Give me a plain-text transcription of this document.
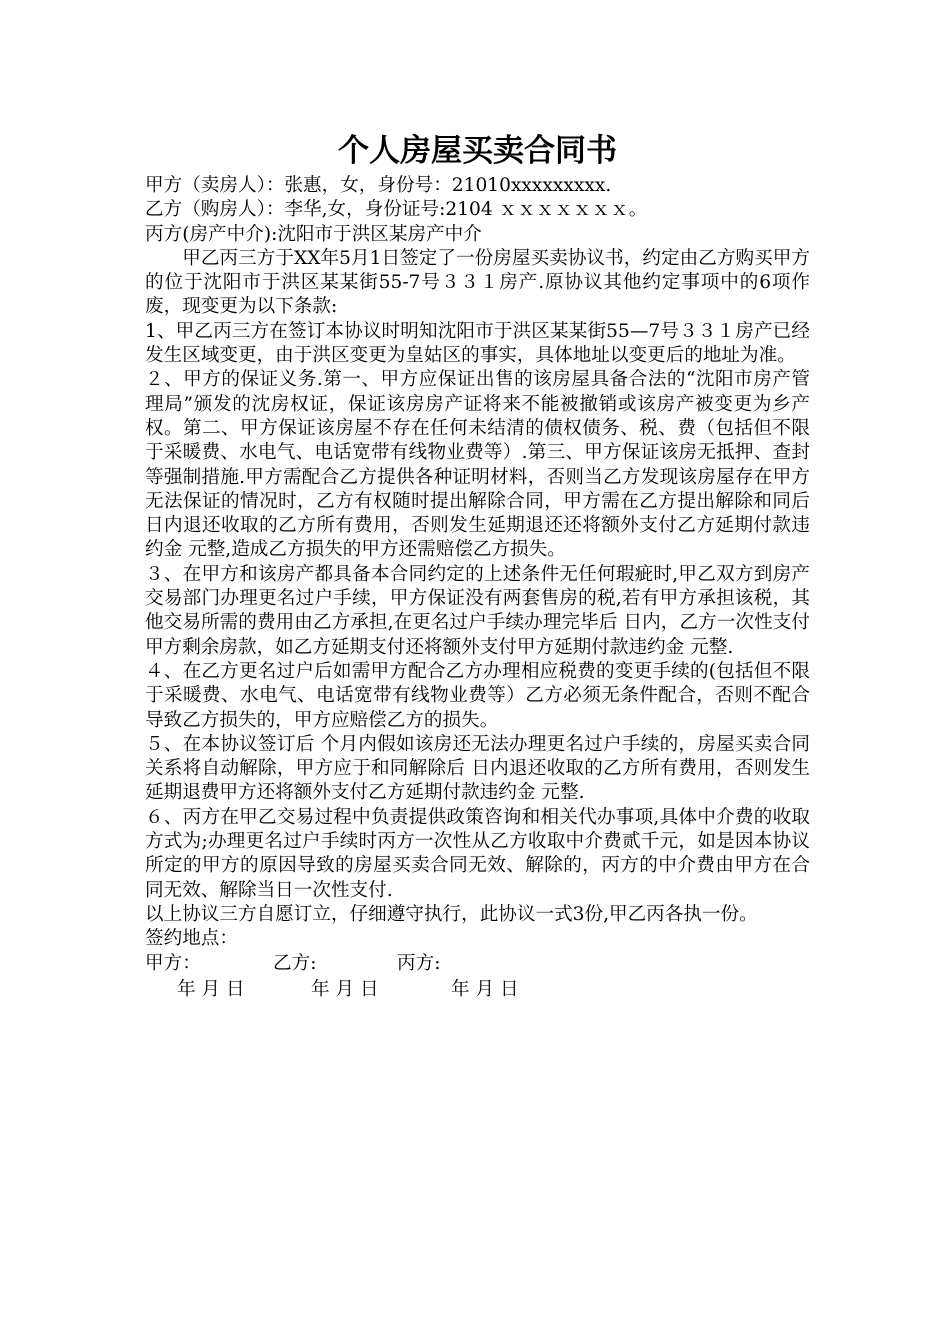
个人房屋买卖合同书

甲方（卖房人）：张惠，女，身份号：21010xxxxxxxxx.

乙方（购房人）：李华,女，身份证号:2104 ｘｘｘｘｘｘｘ。

丙方(房产中介):沈阳市于洪区某房产中介

甲乙丙三方于XX年5月1日签定了一份房屋买卖协议书，约定由乙方购买甲方的位于沈阳市于洪区某某街55-7号３３１房产.原协议其他约定事项中的6项作废，现变更为以下条款:

1、甲乙丙三方在签订本协议时明知沈阳市于洪区某某街55—7号３３１房产已经发生区域变更，由于洪区变更为皇姑区的事实，具体地址以变更后的地址为准。

２、甲方的保证义务.第一、甲方应保证出售的该房屋具备合法的“沈阳市房产管理局”颁发的沈房权证，保证该房房产证将来不能被撤销或该房产被变更为乡产权。第二、甲方保证该房屋不存在任何未结清的债权债务、税、费（包括但不限于采暖费、水电气、电话宽带有线物业费等）.第三、甲方保证该房无抵押、查封等强制措施.甲方需配合乙方提供各种证明材料，否则当乙方发现该房屋存在甲方无法保证的情况时，乙方有权随时提出解除合同，甲方需在乙方提出解除和同后 日内退还收取的乙方所有费用，否则发生延期退还还将额外支付乙方延期付款违约金 元整,造成乙方损失的甲方还需赔偿乙方损失。

３、在甲方和该房产都具备本合同约定的上述条件无任何瑕疵时,甲乙双方到房产交易部门办理更名过户手续，甲方保证没有两套售房的税,若有甲方承担该税，其他交易所需的费用由乙方承担,在更名过户手续办理完毕后 日内，乙方一次性支付甲方剩余房款，如乙方延期支付还将额外支付甲方延期付款违约金 元整.

４、在乙方更名过户后如需甲方配合乙方办理相应税费的变更手续的(包括但不限于采暖费、水电气、电话宽带有线物业费等）乙方必须无条件配合，否则不配合导致乙方损失的，甲方应赔偿乙方的损失。

５、在本协议签订后 个月内假如该房还无法办理更名过户手续的，房屋买卖合同关系将自动解除，甲方应于和同解除后 日内退还收取的乙方所有费用，否则发生延期退费甲方还将额外支付乙方延期付款违约金 元整.

６、丙方在甲乙交易过程中负责提供政策咨询和相关代办事项,具体中介费的收取方式为;办理更名过户手续时丙方一次性从乙方收取中介费贰千元，如是因本协议所定的甲方的原因导致的房屋买卖合同无效、解除的，丙方的中介费由甲方在合同无效、解除当日一次性支付.

以上协议三方自愿订立，仔细遵守执行，此协议一式3份,甲乙丙各执一份。

签约地点：

甲方：	乙方:	丙方:
年 月 日	年 月 日	年 月 日
